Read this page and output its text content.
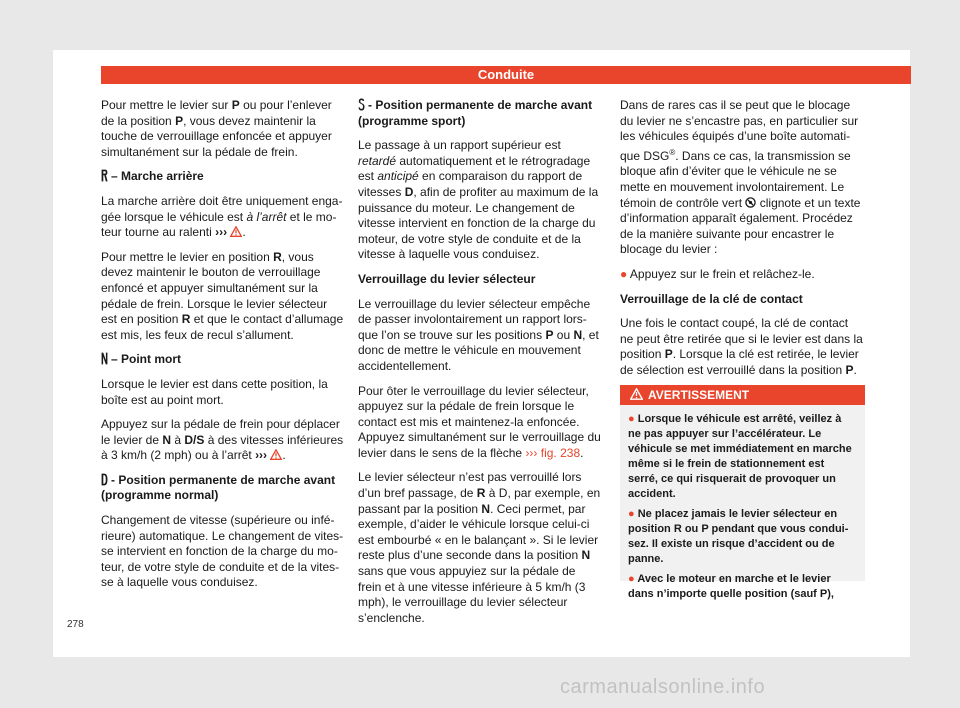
Conduite

Pour mettre le levier sur P ou pour l’enlever de la position P, vous devez maintenir la touche de verrouillage enfoncée et appuyer simultanément sur la pédale de frein.

– Marche arrière

La marche arrière doit être uniquement engagée lorsque le véhicule est à l’arrêt et le moteur tourne au ralenti ››› .

Pour mettre le levier en position R, vous devez maintenir le bouton de verrouillage enfoncé et appuyer simultanément sur la pédale de frein. Lorsque le levier sélecteur est en position R et que le contact d’allumage est mis, les feux de recul s’allument.

– Point mort

Lorsque le levier est dans cette position, la boîte est au point mort.

Appuyez sur la pédale de frein pour déplacer le levier de N à D/S à des vitesses inférieures à 3 km/h (2 mph) ou à l’arrêt ››› .

- Position permanente de marche avant (programme normal)

Changement de vitesse (supérieure ou inférieure) automatique. Le changement de vitesse intervient en fonction de la charge du moteur, de votre style de conduite et de la vitesse à laquelle vous conduisez.

- Position permanente de marche avant (programme sport)

Le passage à un rapport supérieur est retardé automatiquement et le rétrogradage est anticipé en comparaison du rapport de vitesses D, afin de profiter au maximum de la puissance du moteur. Le changement de vitesse intervient en fonction de la charge du moteur, de votre style de conduite et de la vitesse à laquelle vous conduisez.

Verrouillage du levier sélecteur

Le verrouillage du levier sélecteur empêche de passer involontairement un rapport lorsque l’on se trouve sur les positions P ou N, et donc de mettre le véhicule en mouvement accidentellement.

Pour ôter le verrouillage du levier sélecteur, appuyez sur la pédale de frein lorsque le contact est mis et maintenez-la enfoncée. Appuyez simultanément sur le verrouillage du levier dans le sens de la flèche ››› fig. 238.

Le levier sélecteur n’est pas verrouillé lors d’un bref passage, de R à D, par exemple, en passant par la position N. Ceci permet, par exemple, d’aider le véhicule lorsque celui-ci est embourbé « en le balançant ». Si le levier reste plus d’une seconde dans la position N sans que vous appuyiez sur la pédale de frein et à une vitesse inférieure à 5 km/h (3 mph), le verrouillage du levier sélecteur s’enclenche.

Dans de rares cas il se peut que le blocage du levier ne s’encastre pas, en particulier sur les véhicules équipés d’une boîte automatique DSG®. Dans ce cas, la transmission se bloque afin d’éviter que le véhicule ne se mette en mouvement involontairement. Le témoin de contrôle vert  clignote et un texte d’information apparaît également. Procédez de la manière suivante pour encastrer le blocage du levier :

● Appuyez sur le frein et relâchez-le.

Verrouillage de la clé de contact

Une fois le contact coupé, la clé de contact ne peut être retirée que si le levier est dans la position P. Lorsque la clé est retirée, le levier de sélection est verrouillé dans la position P.

AVERTISSEMENT

● Lorsque le véhicule est arrêté, veillez à ne pas appuyer sur l’accélérateur. Le véhicule se met immédiatement en marche même si le frein de stationnement est serré, ce qui risquerait de provoquer un accident.

● Ne placez jamais le levier sélecteur en position R ou P pendant que vous conduisez. Il existe un risque d’accident ou de panne.

● Avec le moteur en marche et le levier dans n’importe quelle position (sauf P),

278
carmanualsonline.info
